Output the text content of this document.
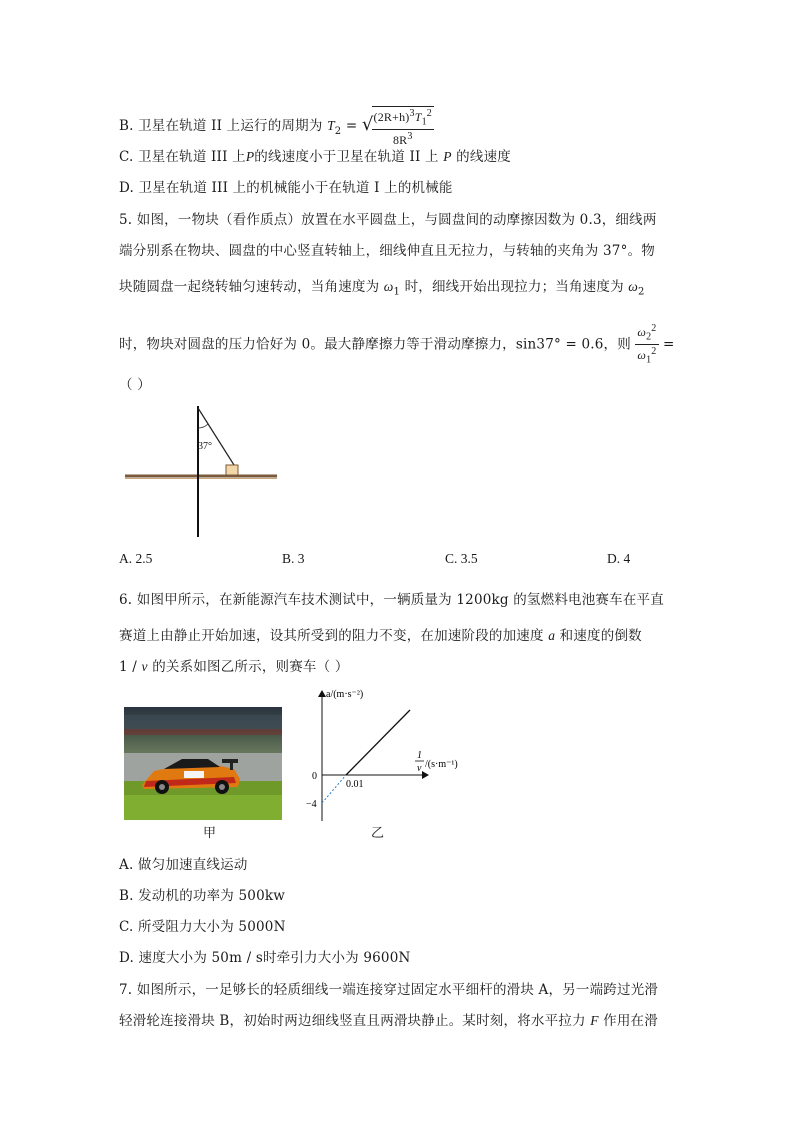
B. 卫星在轨道 II 上运行的周期为 $T_2$ = √
$\frac{(2R+h)^3T_1^2}{8R^3}$
C. 卫星在轨道 III 上P的线速度小于卫星在轨道 II 上 P 的线速度
D. 卫星在轨道 III 上的机械能小于在轨道 I 上的机械能
5. 如图，一物块（看作质点）放置在水平圆盘上，与圆盘间的动摩擦因数为 0.3，细线两
端分别系在物块、圆盘的中心竖直转轴上，细线伸直且无拉力，与转轴的夹角为 37°。物
块随圆盘一起绕转轴匀速转动，当角速度为 $\omega_1$ 时，细线开始出现拉力；当角速度为 $\omega_2$
时，物块对圆盘的压力恰好为 0。最大静摩擦力等于滑动摩擦力，sin37° = 0.6，则 $\frac{\omega_2^2}{\omega_1^2}$ =
（ ）
37°
A. 2.5	B. 3	C. 3.5	D. 4
6. 如图甲所示，在新能源汽车技术测试中，一辆质量为 1200kg 的氢燃料电池赛车在平直
赛道上由静止开始加速，设其所受到的阻力不变，在加速阶段的加速度 a 和速度的倒数
1 / v 的关系如图乙所示，则赛车（ ）
甲
a/(m·s⁻²)
1
v /(s·m⁻¹)
0
0.01
−4
乙
A. 做匀加速直线运动
B. 发动机的功率为 500kw
C. 所受阻力大小为 5000N
D. 速度大小为 50m / s时牵引力大小为 9600N
7. 如图所示，一足够长的轻质细线一端连接穿过固定水平细杆的滑块 A，另一端跨过光滑
轻滑轮连接滑块 B，初始时两边细线竖直且两滑块静止。某时刻，将水平拉力 F 作用在滑
